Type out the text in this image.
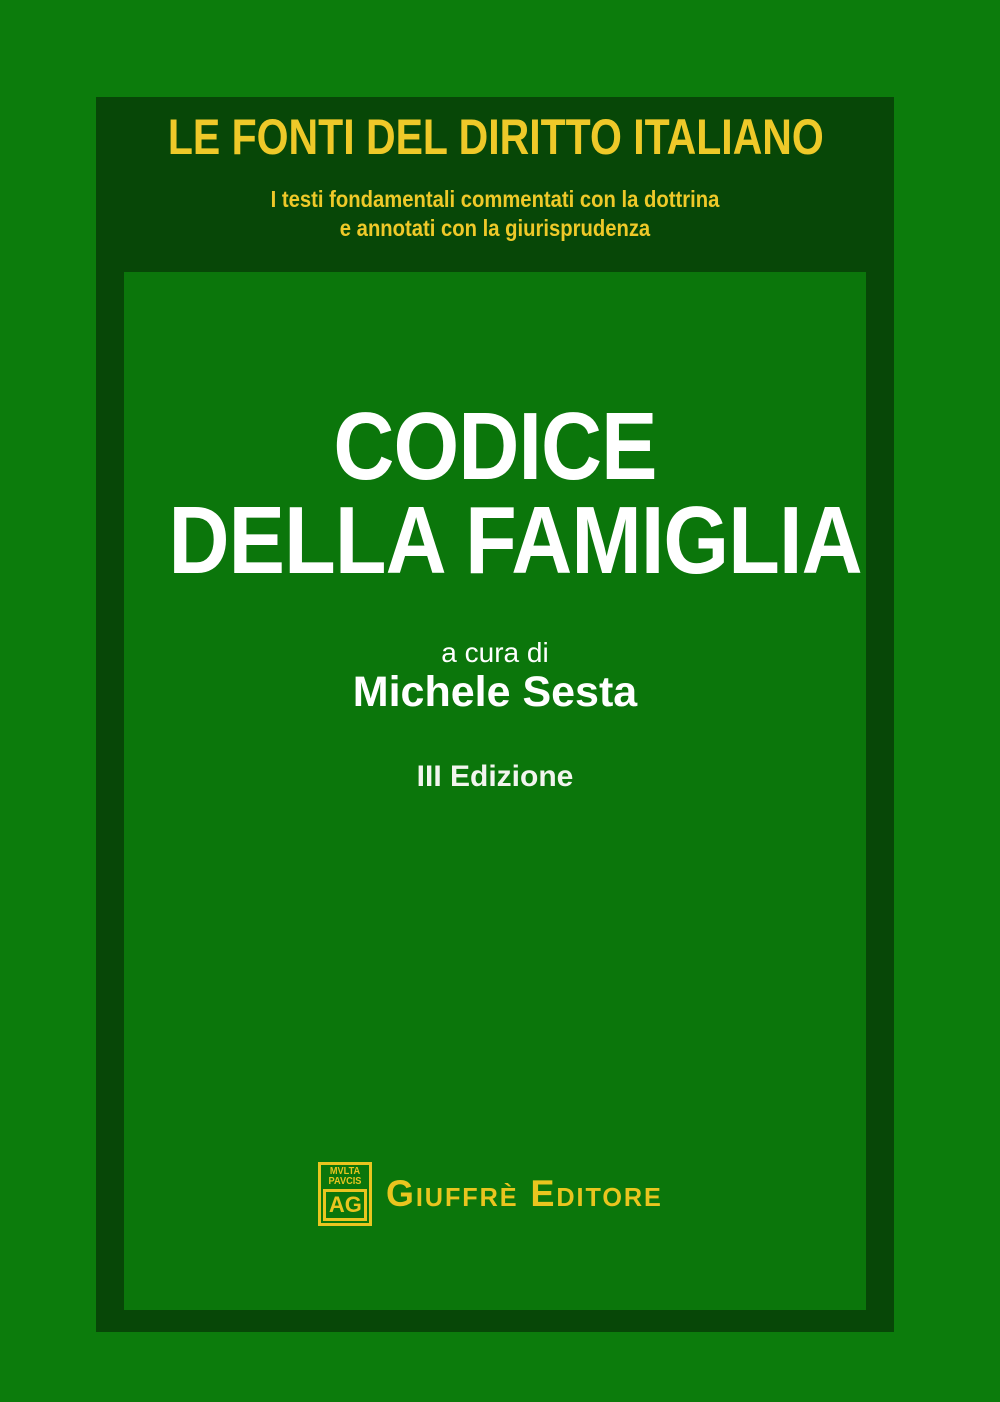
LE FONTI DEL DIRITTO ITALIANO
I testi fondamentali commentati con la dottrina
e annotati con la giurisprudenza
CODICE
DELLA FAMIGLIA
a cura di
Michele Sesta
III Edizione
MVLTA
PAVCIS
AG Giuffrè Editore
